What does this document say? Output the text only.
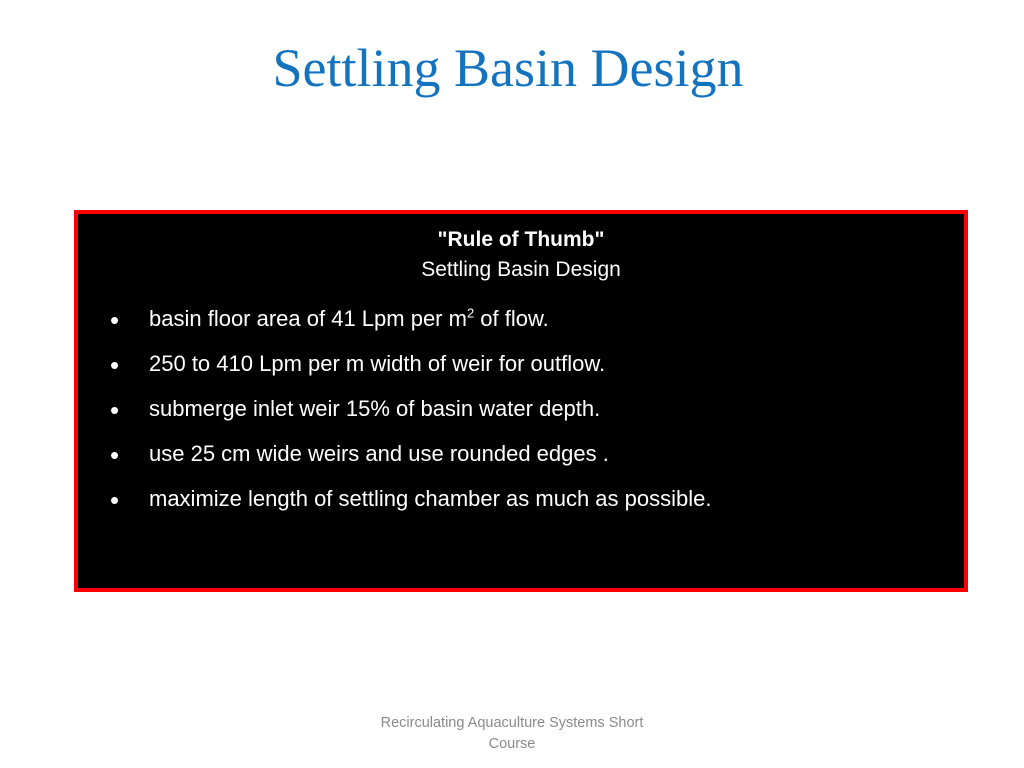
Settling Basin Design
"Rule of Thumb"
Settling Basin Design
• basin floor area of 41 Lpm per $m^2$ of flow.
• 250 to 410 Lpm per m width of weir for outflow.
• submerge inlet weir 15% of basin water depth.
• use 25 cm wide weirs and use rounded edges .
• maximize length of settling chamber as much as possible.
Recirculating Aquaculture Systems Short
Course
